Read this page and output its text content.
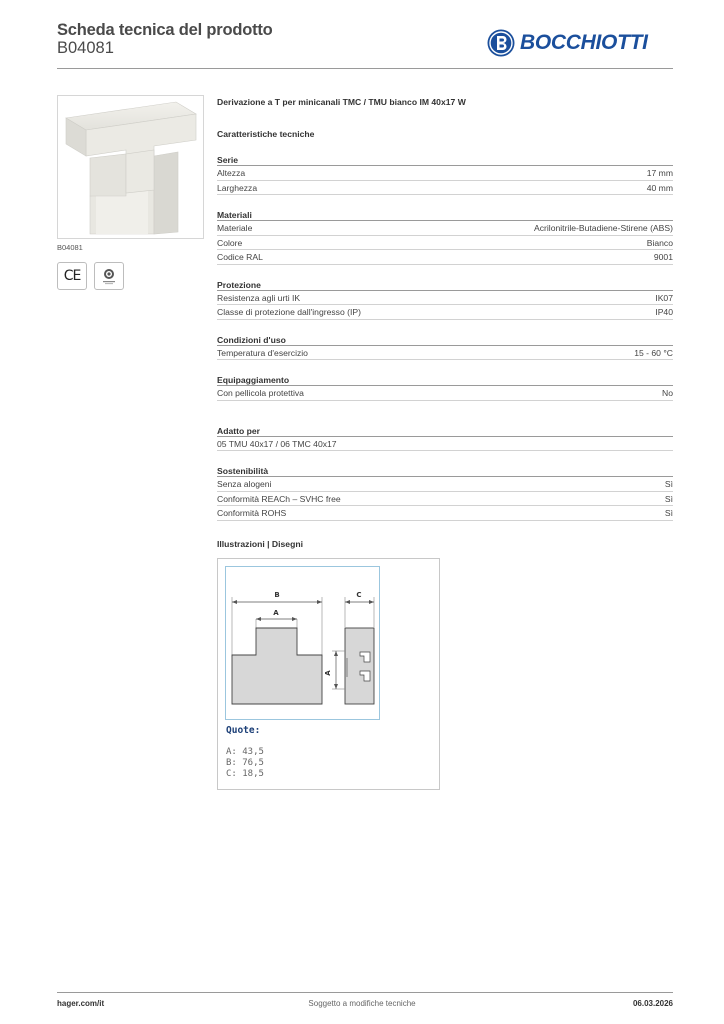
Scheda tecnica del prodotto
B04081	BOCCHIOTTI
B04081
CE
Derivazione a T per minicanali TMC / TMU bianco IM 40x17 W
Caratteristiche tecniche
Serie
Altezza	17 mm
Larghezza	40 mm
Materiali
Materiale	Acrilonitrile-Butadiene-Stirene (ABS)
Colore	Bianco
Codice RAL	9001
Protezione
Resistenza agli urti IK	IK07
Classe di protezione dall'ingresso (IP)	IP40
Condizioni d'uso
Temperatura d'esercizio	15 - 60 °C
Equipaggiamento
Con pellicola protettiva	No
Adatto per
05 TMU 40x17 / 06 TMC 40x17
Sostenibilità
Senza alogeni	Sì
Conformità REACh – SVHC free	Sì
Conformità ROHS	Sì
Illustrazioni | Disegni
B
A
C
A
Quote:
A: 43,5
B: 76,5
C: 18,5
Soggetto a modifiche tecniche
hager.com/it	06.03.2026
